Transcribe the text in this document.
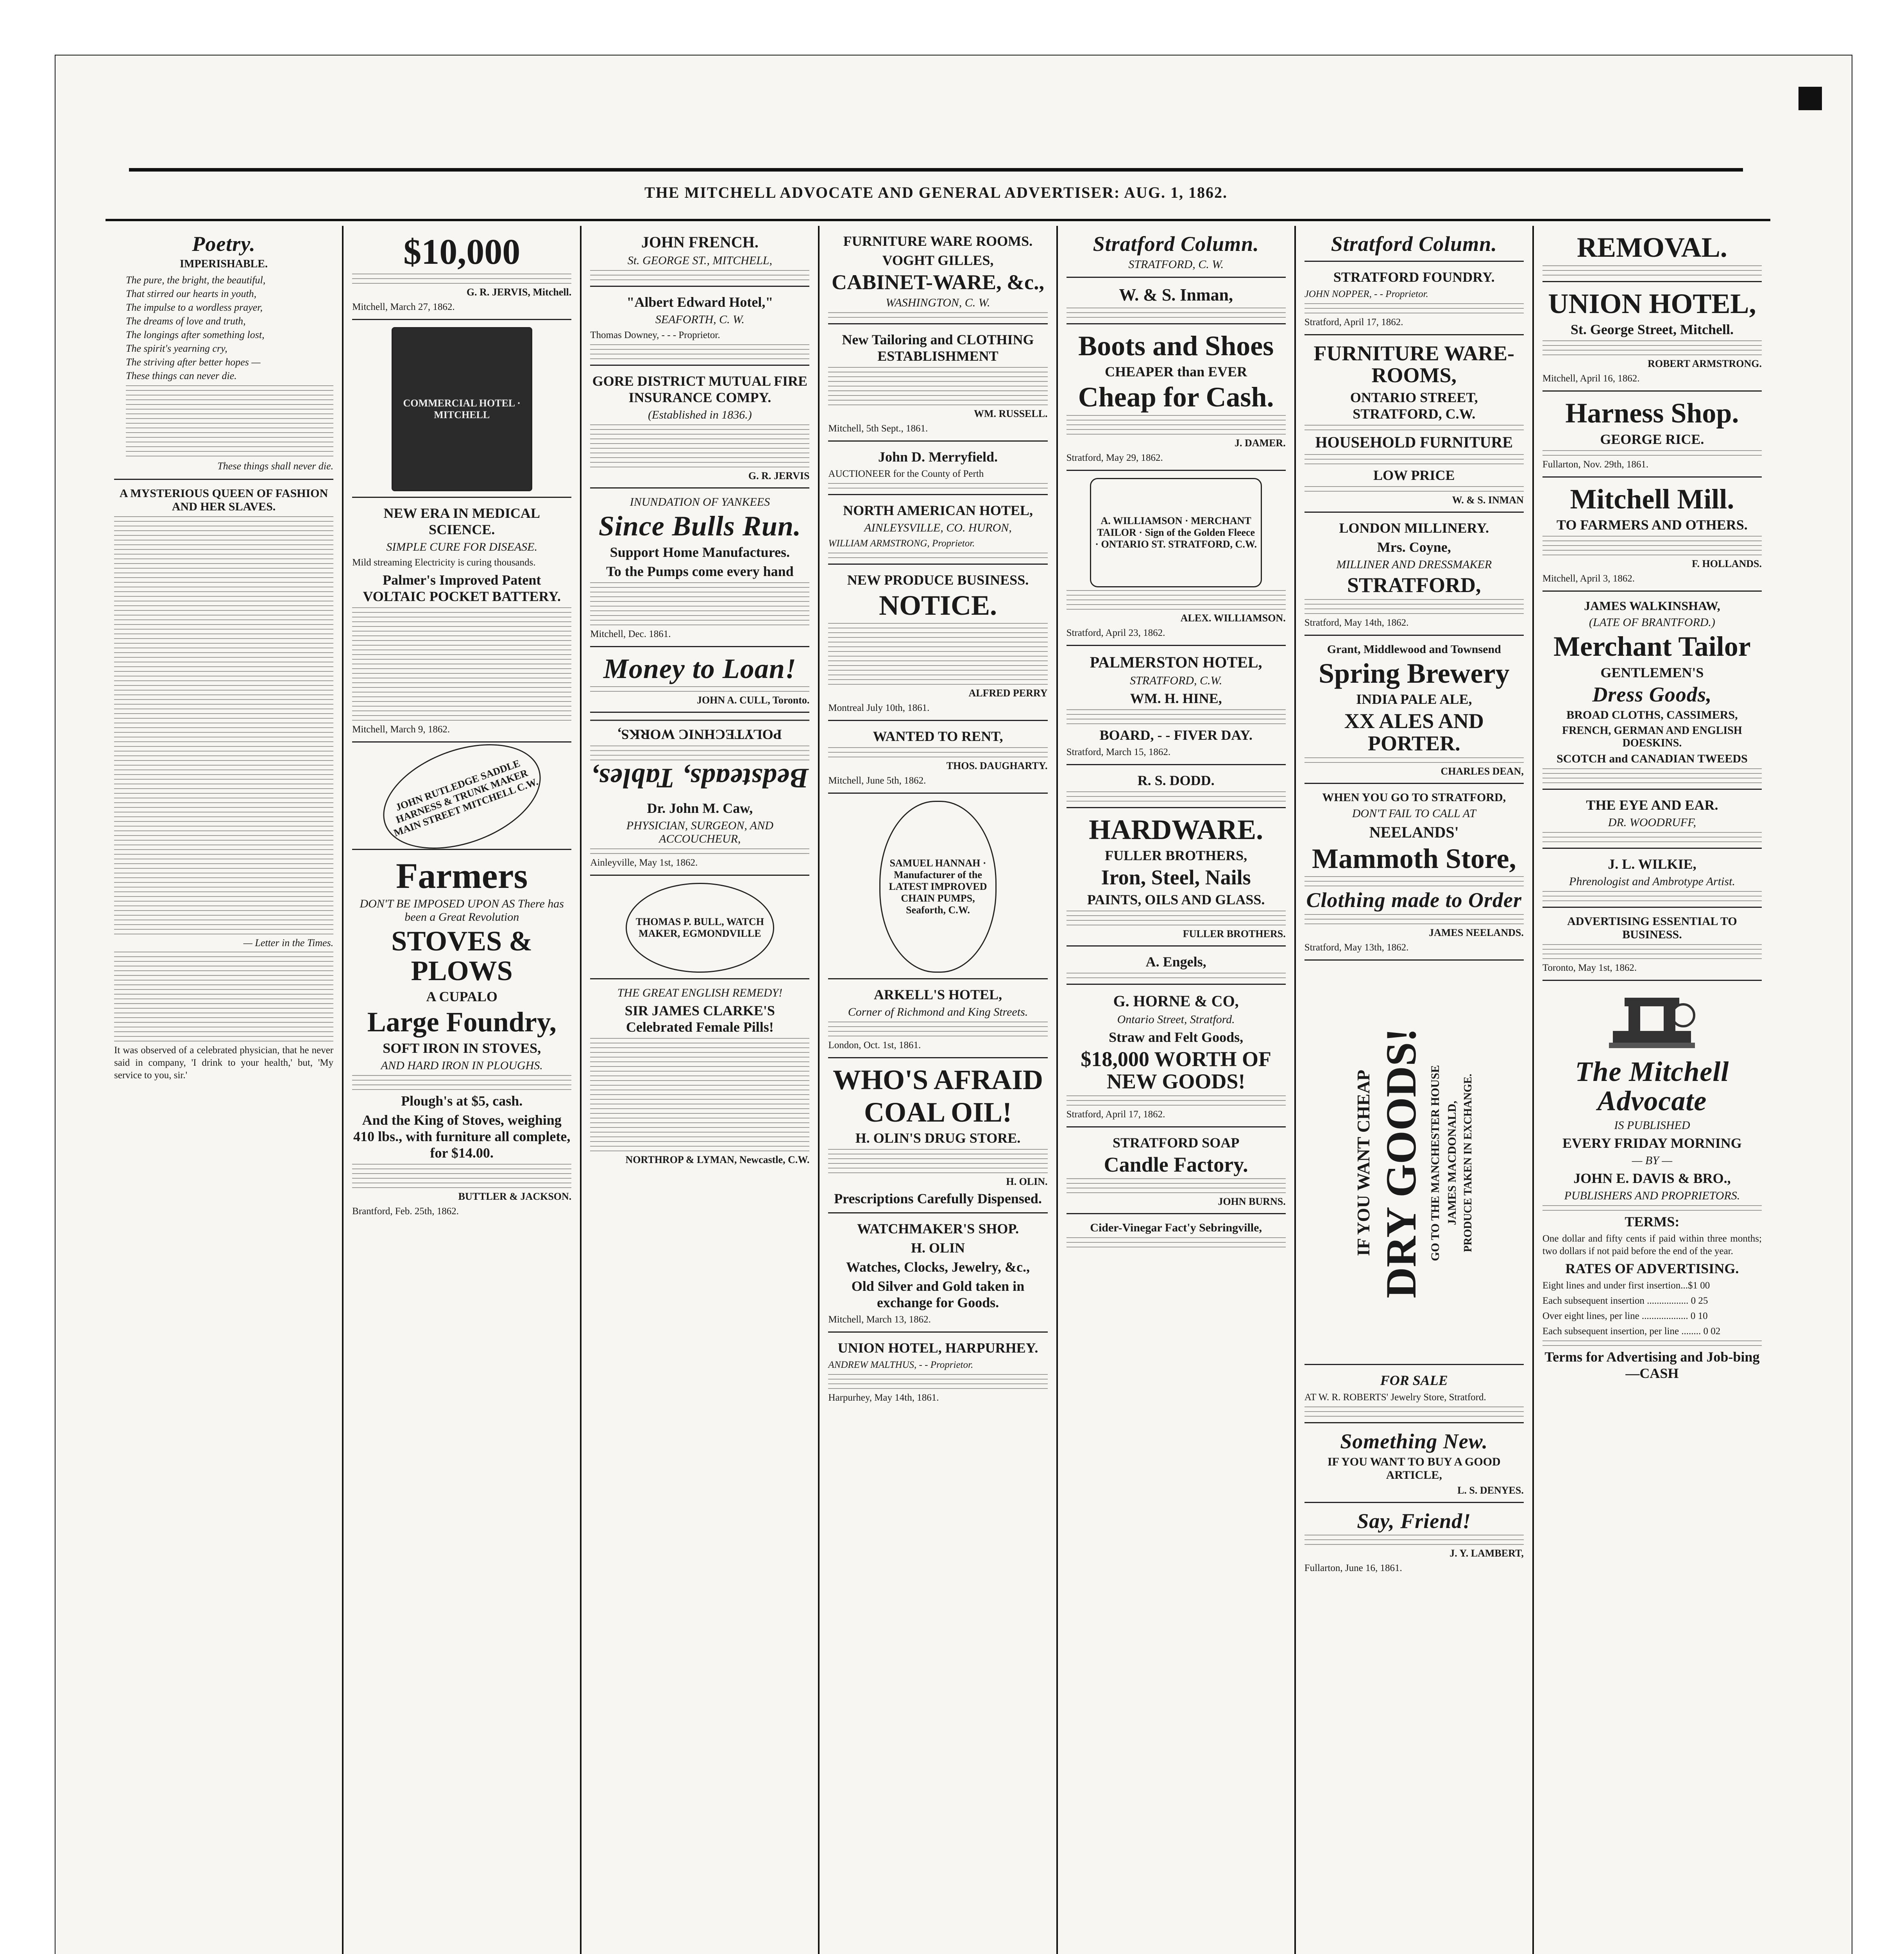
THE MITCHELL ADVOCATE AND GENERAL ADVERTISER: AUG. 1, 1862.
Poetry.
IMPERISHABLE.
The pure, the bright, the beautiful,
That stirred our hearts in youth,
The impulse to a wordless prayer,
The dreams of love and truth,
The longings after something lost,
The spirit's yearning cry,
The striving after better hopes —
These things can never die.
These things shall never die.
A MYSTERIOUS QUEEN OF FASHION AND HER SLAVES.
— Letter in the Times.
It was observed of a celebrated physician, that he never said in company, 'I drink to your health,' but, 'My service to you, sir.'
$10,000
G. R. JERVIS, Mitchell.
Mitchell, March 27, 1862.
COMMERCIAL HOTEL · MITCHELL
NEW ERA IN MEDICAL SCIENCE.
SIMPLE CURE FOR DISEASE.
Mild streaming Electricity is curing thousands.
Palmer's Improved Patent VOLTAIC POCKET BATTERY.
Mitchell, March 9, 1862.
JOHN RUTLEDGE SADDLE HARNESS & TRUNK MAKER MAIN STREET MITCHELL C.W.
Farmers
DON'T BE IMPOSED UPON AS There has been a Great Revolution
STOVES & PLOWS
A CUPALO
Large Foundry,
SOFT IRON IN STOVES,
AND HARD IRON IN PLOUGHS.
Plough's at $5, cash.
And the King of Stoves, weighing 410 lbs., with furniture all complete, for $14.00.
BUTTLER & JACKSON.
Brantford, Feb. 25th, 1862.
JOHN FRENCH.
St. GEORGE ST., MITCHELL,
"Albert Edward Hotel,"
SEAFORTH, C. W.
Thomas Downey, - - - Proprietor.
GORE DISTRICT MUTUAL FIRE INSURANCE COMPY.
(Established in 1836.)
G. R. JERVIS
INUNDATION OF YANKEES
Since Bulls Run.
Support Home Manufactures.
To the Pumps come every hand
Mitchell, Dec. 1861.
Money to Loan!
JOHN A. CULL, Toronto.
Bedsteads, Tables,
POLYTECHNIC WORKS,
Dr. John M. Caw,
PHYSICIAN, SURGEON, AND ACCOUCHEUR,
Ainleyville, May 1st, 1862.
THOMAS P. BULL, WATCH MAKER, EGMONDVILLE
THE GREAT ENGLISH REMEDY!
SIR JAMES CLARKE'S Celebrated Female Pills!
NORTHROP & LYMAN, Newcastle, C.W.
FURNITURE WARE ROOMS.
VOGHT GILLES,
CABINET-WARE, &c.,
WASHINGTON, C. W.
New Tailoring and CLOTHING ESTABLISHMENT
WM. RUSSELL.
Mitchell, 5th Sept., 1861.
John D. Merryfield.
AUCTIONEER for the County of Perth
NORTH AMERICAN HOTEL,
AINLEYSVILLE, CO. HURON,
WILLIAM ARMSTRONG, Proprietor.
NEW PRODUCE BUSINESS.
NOTICE.
ALFRED PERRY
Montreal July 10th, 1861.
WANTED TO RENT,
THOS. DAUGHARTY.
Mitchell, June 5th, 1862.
SAMUEL HANNAH · Manufacturer of the LATEST IMPROVED CHAIN PUMPS, Seaforth, C.W.
ARKELL'S HOTEL,
Corner of Richmond and King Streets.
London, Oct. 1st, 1861.
WHO'S AFRAID
COAL OIL!
H. OLIN'S DRUG STORE.
H. OLIN.
Prescriptions Carefully Dispensed.
WATCHMAKER'S SHOP.
H. OLIN
Watches, Clocks, Jewelry, &c.,
Old Silver and Gold taken in exchange for Goods.
Mitchell, March 13, 1862.
UNION HOTEL, HARPURHEY.
ANDREW MALTHUS, - - Proprietor.
Harpurhey, May 14th, 1861.
Stratford Column.
STRATFORD, C. W.
W. & S. Inman,
Boots and Shoes
CHEAPER than EVER
Cheap for Cash.
J. DAMER.
Stratford, May 29, 1862.
A. WILLIAMSON · MERCHANT TAILOR · Sign of the Golden Fleece · ONTARIO ST. STRATFORD, C.W.
ALEX. WILLIAMSON.
Stratford, April 23, 1862.
PALMERSTON HOTEL,
STRATFORD, C.W.
WM. H. HINE,
BOARD, - - FIVER DAY.
Stratford, March 15, 1862.
R. S. DODD.
HARDWARE.
FULLER BROTHERS,
Iron, Steel, Nails
PAINTS, OILS AND GLASS.
FULLER BROTHERS.
A. Engels,
G. HORNE & CO,
Ontario Street, Stratford.
Straw and Felt Goods,
$18,000 WORTH OF NEW GOODS!
Stratford, April 17, 1862.
STRATFORD SOAP
Candle Factory.
JOHN BURNS.
Cider-Vinegar Fact'y Sebringville,
Stratford Column.
STRATFORD FOUNDRY.
JOHN NOPPER, - - Proprietor.
Stratford, April 17, 1862.
FURNITURE WARE-ROOMS,
ONTARIO STREET, STRATFORD, C.W.
HOUSEHOLD FURNITURE
LOW PRICE
W. & S. INMAN
LONDON MILLINERY.
Mrs. Coyne,
MILLINER AND DRESSMAKER
STRATFORD,
Stratford, May 14th, 1862.
Grant, Middlewood and Townsend
Spring Brewery
INDIA PALE ALE,
XX ALES AND PORTER.
CHARLES DEAN,
WHEN YOU GO TO STRATFORD,
DON'T FAIL TO CALL AT
NEELANDS'
Mammoth Store,
Clothing made to Order
JAMES NEELANDS.
Stratford, May 13th, 1862.
IF YOU WANT CHEAP DRY GOODS! GO TO THE MANCHESTER HOUSE JAMES MACDONALD, PRODUCE TAKEN IN EXCHANGE.
FOR SALE
AT W. R. ROBERTS' Jewelry Store, Stratford.
Something New.
IF YOU WANT TO BUY A GOOD ARTICLE,
L. S. DENYES.
Say, Friend!
J. Y. LAMBERT,
Fullarton, June 16, 1861.
REMOVAL.
UNION HOTEL,
St. George Street, Mitchell.
ROBERT ARMSTRONG.
Mitchell, April 16, 1862.
Harness Shop.
GEORGE RICE.
Fullarton, Nov. 29th, 1861.
Mitchell Mill.
TO FARMERS AND OTHERS.
F. HOLLANDS.
Mitchell, April 3, 1862.
JAMES WALKINSHAW,
(LATE OF BRANTFORD.)
Merchant Tailor
GENTLEMEN'S
Dress Goods,
BROAD CLOTHS, CASSIMERS,
FRENCH, GERMAN AND ENGLISH DOESKINS.
SCOTCH and CANADIAN TWEEDS
THE EYE AND EAR.
DR. WOODRUFF,
J. L. WILKIE,
Phrenologist and Ambrotype Artist.
ADVERTISING ESSENTIAL TO BUSINESS.
Toronto, May 1st, 1862.
The Mitchell Advocate
IS PUBLISHED
EVERY FRIDAY MORNING
— BY —
JOHN E. DAVIS & BRO.,
PUBLISHERS AND PROPRIETORS.
TERMS:
One dollar and fifty cents if paid within three months; two dollars if not paid before the end of the year.
RATES OF ADVERTISING.
Eight lines and under first insertion...$1 00
Each subsequent insertion ................. 0 25
Over eight lines, per line ................... 0 10
Each subsequent insertion, per line ........ 0 02
Terms for Advertising and Job-bing—CASH
